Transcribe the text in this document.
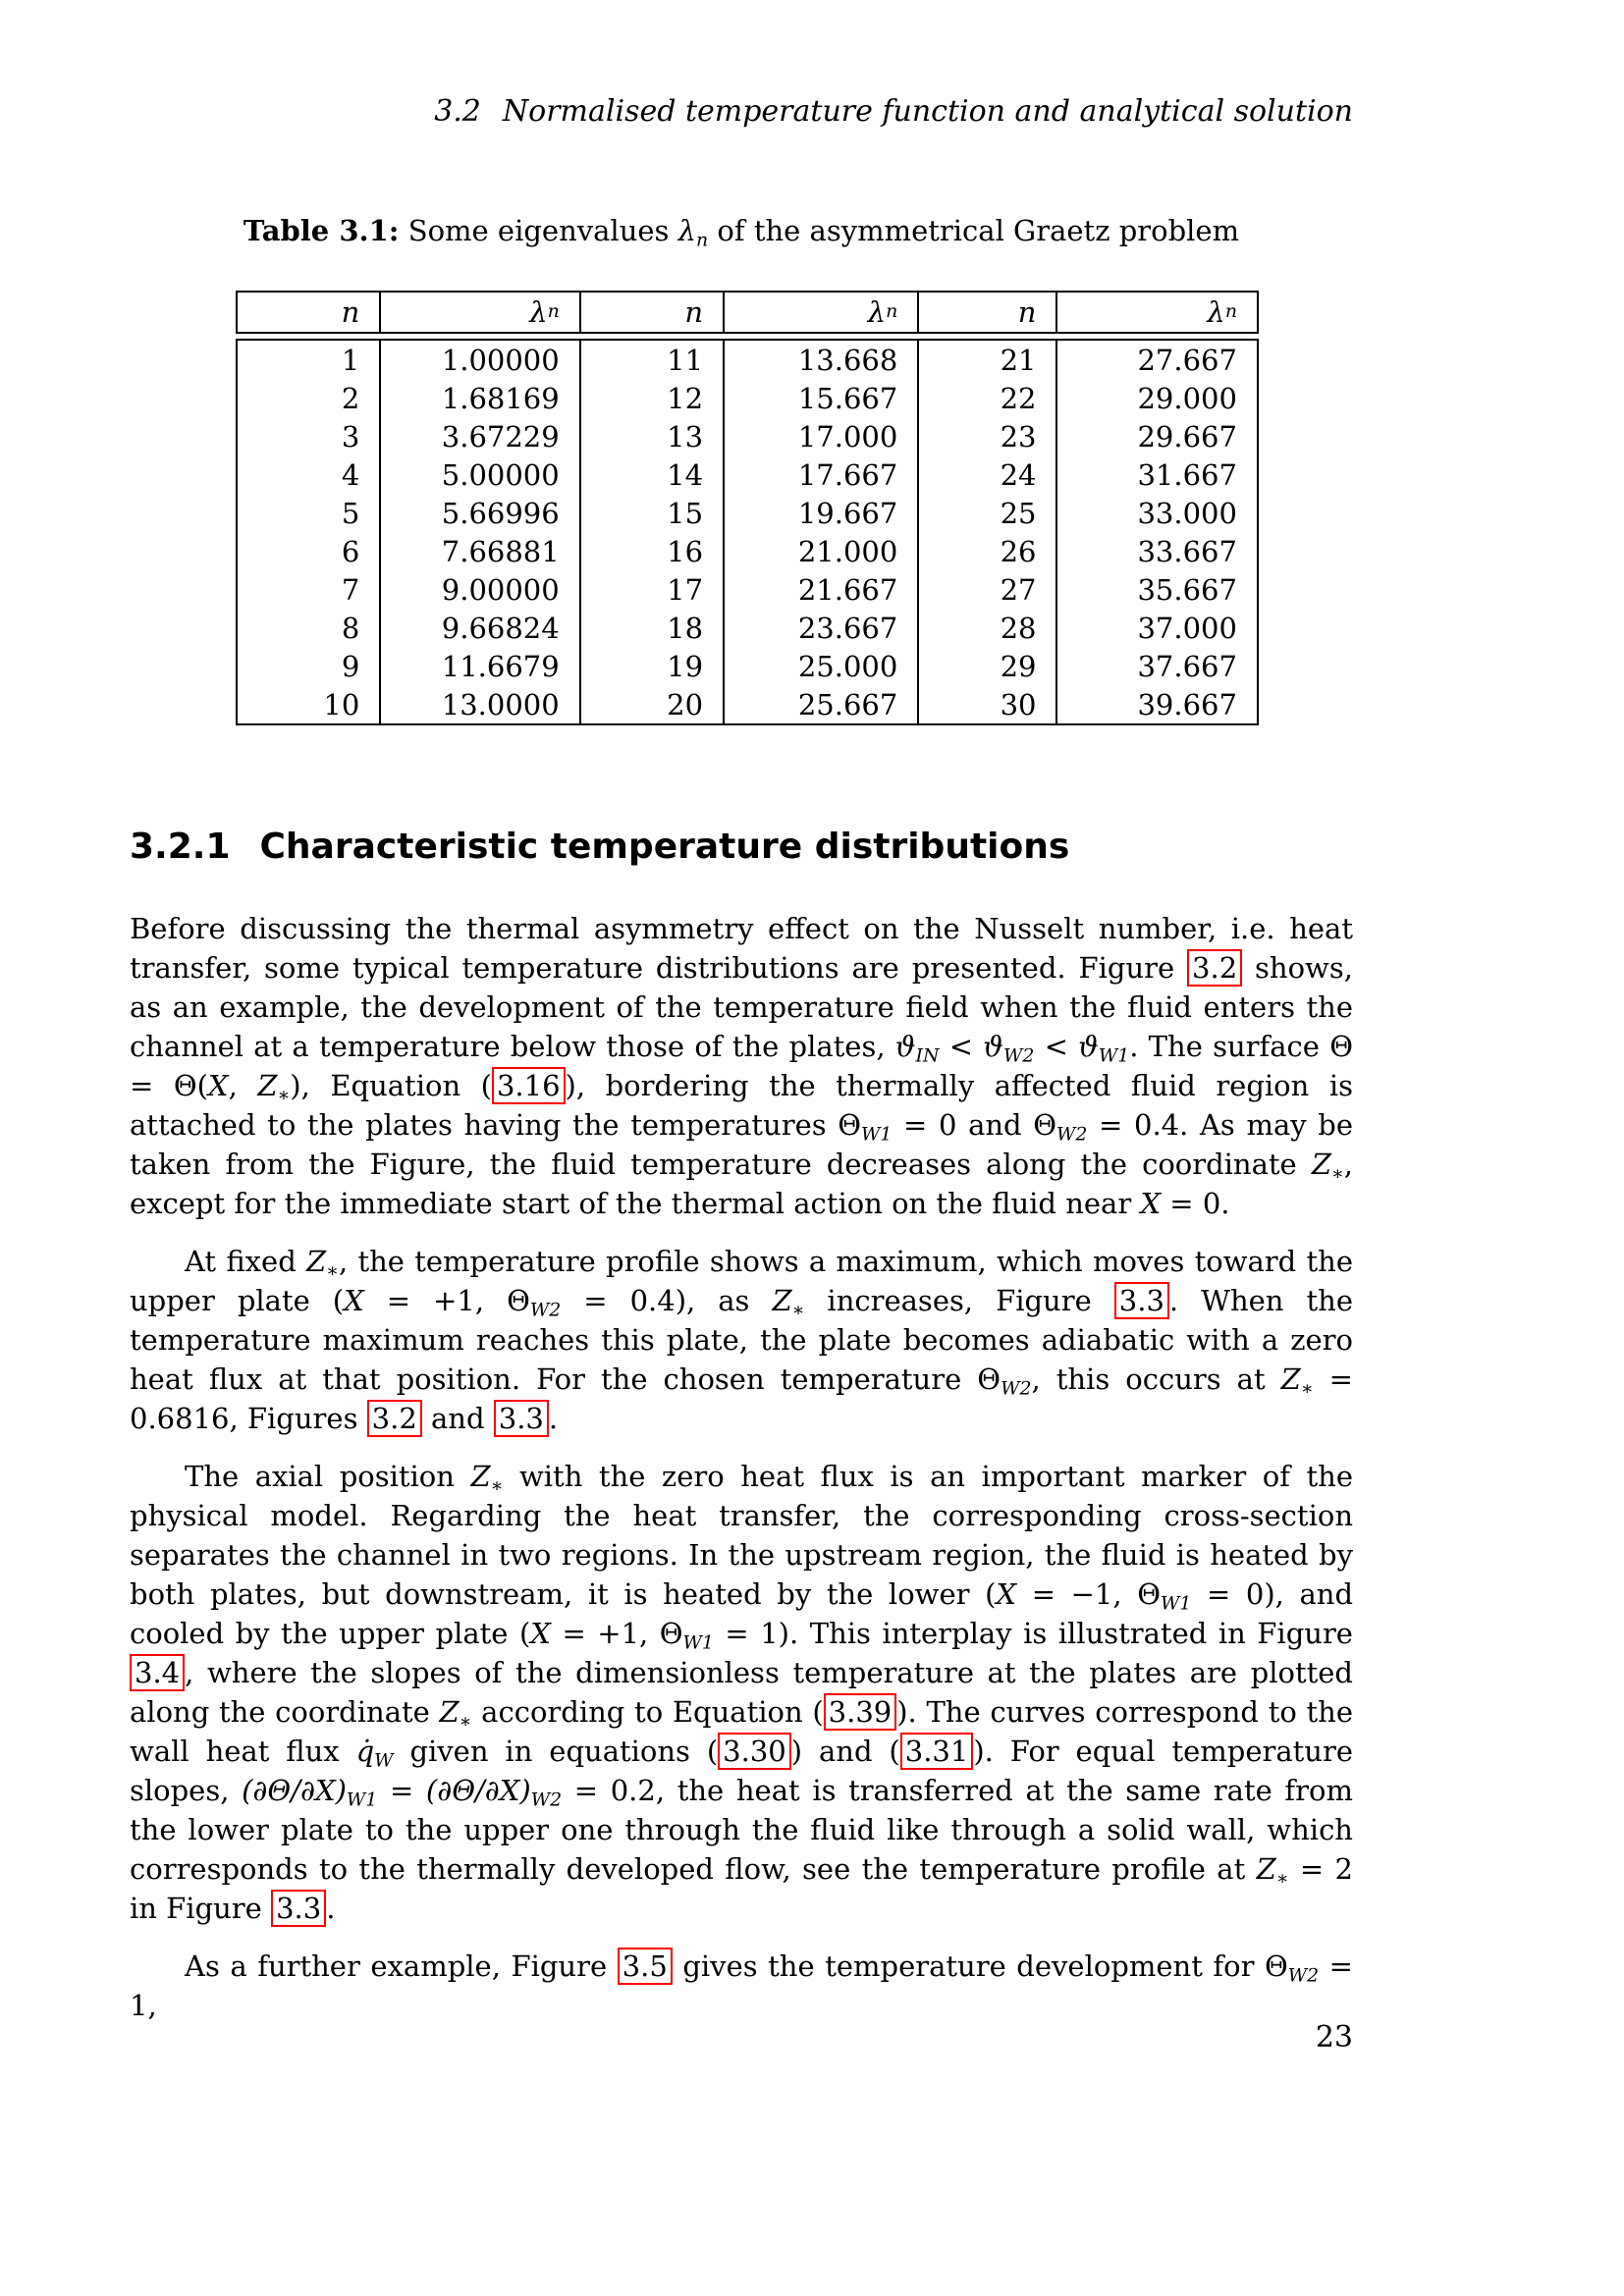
3.2 Normalised temperature function and analytical solution
Table 3.1: Some eigenvalues λn of the asymmetrical Graetz problem
n	λ n	n	λ n	n	λ n
1	1.00000	11	13.668	21	27.667
2	1.68169	12	15.667	22	29.000
3	3.67229	13	17.000	23	29.667
4	5.00000	14	17.667	24	31.667
5	5.66996	15	19.667	25	33.000
6	7.66881	16	21.000	26	33.667
7	9.00000	17	21.667	27	35.667
8	9.66824	18	23.667	28	37.000
9	11.6679	19	25.000	29	37.667
10	13.0000	20	25.667	30	39.667
3.2.1 Characteristic temperature distributions

Before discussing the thermal asymmetry effect on the Nusselt number, i.e. heat transfer, some typical temperature distributions are presented. Figure 3.2 shows, as an example, the development of the temperature field when the fluid enters the channel at a temperature below those of the plates, ϑIN < ϑW2 < ϑW1. The surface Θ = Θ(X, Z∗), Equation ( 3.16 ), bordering the thermally affected fluid region is attached to the plates having the temperatures ΘW1 = 0 and ΘW2 = 0.4. As may be taken from the Figure, the fluid temperature decreases along the coordinate Z∗, except for the immediate start of the thermal action on the fluid near X = 0.

At fixed Z∗, the temperature profile shows a maximum, which moves toward the upper plate (X = +1, ΘW2 = 0.4), as Z∗ increases, Figure 3.3 . When the temperature maximum reaches this plate, the plate becomes adiabatic with a zero heat flux at that position. For the chosen temperature ΘW2, this occurs at Z∗ = 0.6816, Figures 3.2 and 3.3 .

The axial position Z∗ with the zero heat flux is an important marker of the physical model. Regarding the heat transfer, the corresponding cross-section separates the channel in two regions. In the upstream region, the fluid is heated by both plates, but downstream, it is heated by the lower (X = −1, ΘW1 = 0), and cooled by the upper plate (X = +1, ΘW1 = 1). This interplay is illustrated in Figure 3.4 , where the slopes of the dimensionless temperature at the plates are plotted along the coordinate Z∗ according to Equation ( 3.39 ). The curves correspond to the wall heat flux q̇W given in equations ( 3.30 ) and ( 3.31 ). For equal temperature slopes, (∂Θ/∂X)W1 = (∂Θ/∂X)W2 = 0.2, the heat is transferred at the same rate from the lower plate to the upper one through the fluid like through a solid wall, which corresponds to the thermally developed flow, see the temperature profile at Z∗ = 2 in Figure 3.3 .

As a further example, Figure 3.5 gives the temperature development for ΘW2 = 1,

23
